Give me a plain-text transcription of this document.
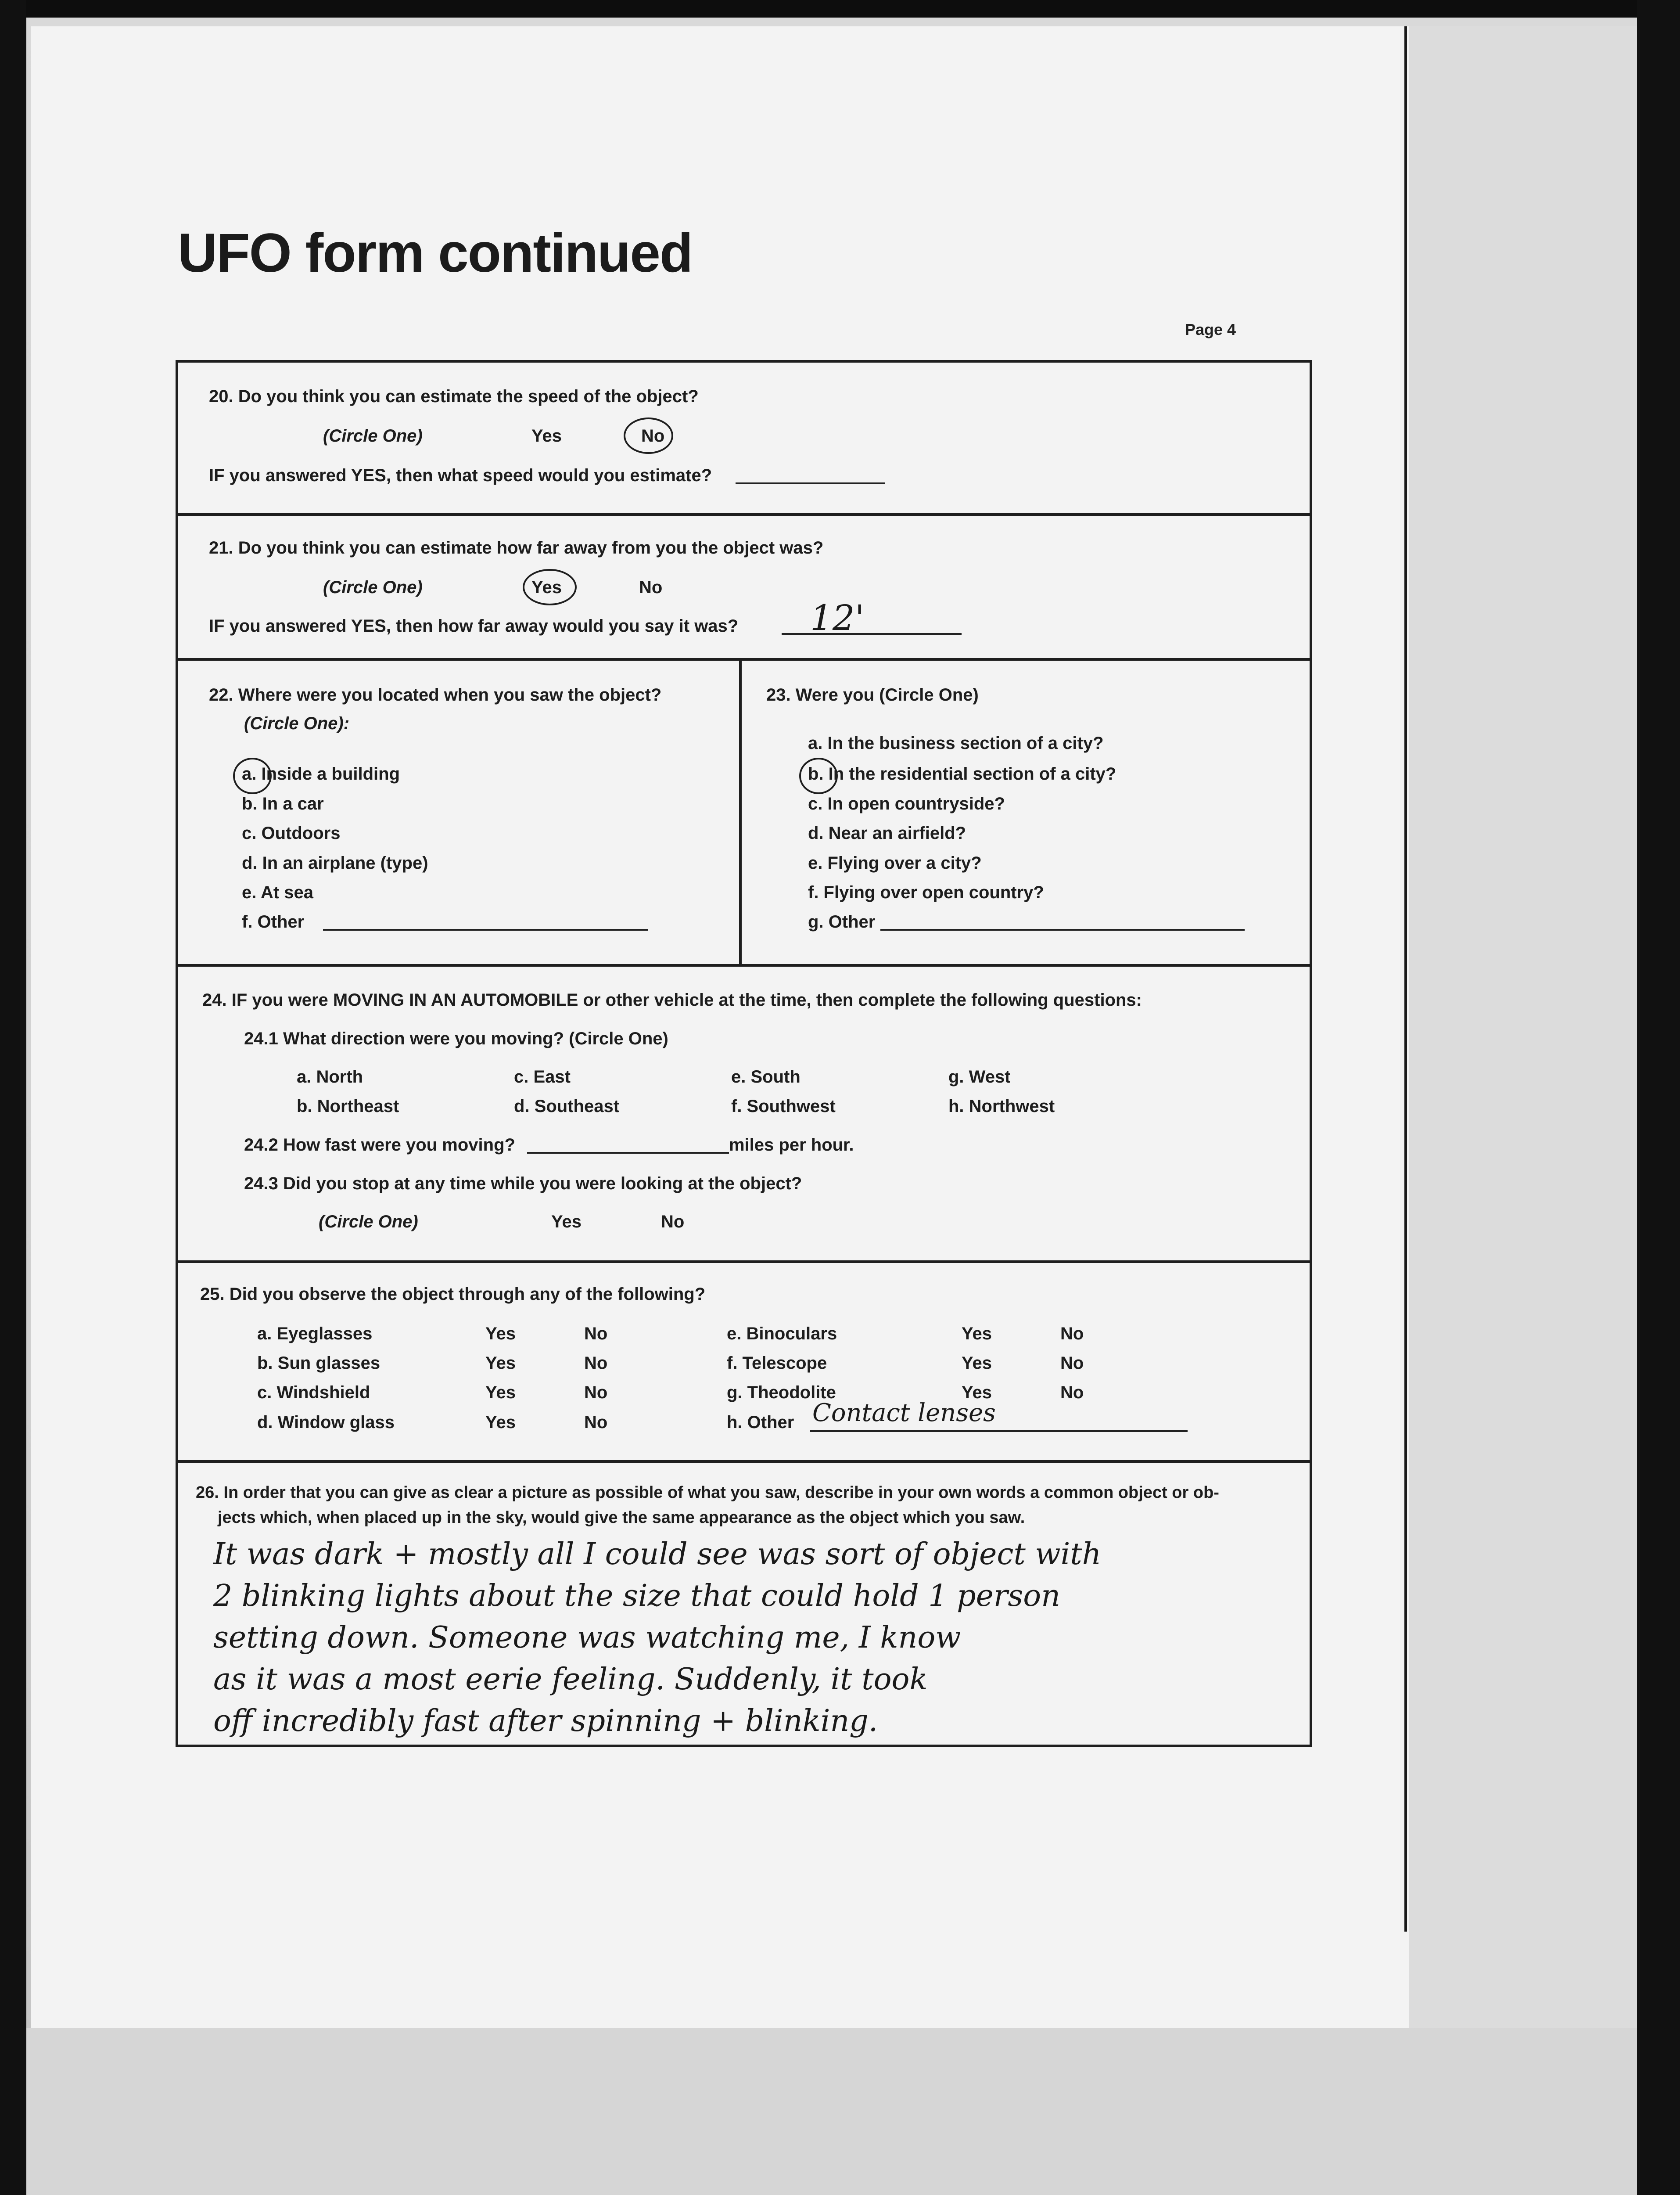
UFO form continued
Page 4
20. Do you think you can estimate the speed of the object?
(Circle One)	Yes	No
IF you answered YES, then what speed would you estimate?
21. Do you think you can estimate how far away from you the object was?
(Circle One)	Yes	No
IF you answered YES, then how far away would you say it was? 12'
22. Where were you located when you saw the object?
(Circle One):
a. Inside a building
b. In a car
c. Outdoors
d. In an airplane (type)
e. At sea
f. Other
23. Were you (Circle One)
a. In the business section of a city?
b. In the residential section of a city?
c. In open countryside?
d. Near an airfield?
e. Flying over a city?
f. Flying over open country?
g. Other
24. IF you were MOVING IN AN AUTOMOBILE or other vehicle at the time, then complete the following questions:
24.1 What direction were you moving? (Circle One)
a. North	c. East	e. South	g. West
b. Northeast	d. Southeast	f. Southwest	h. Northwest
24.2 How fast were you moving?	miles per hour.
24.3 Did you stop at any time while you were looking at the object?
(Circle One)	Yes	No
25. Did you observe the object through any of the following?
a. Eyeglasses	Yes	No
b. Sun glasses	Yes	No
c. Windshield	Yes	No
d. Window glass	Yes	No
e. Binoculars	Yes	No
f. Telescope	Yes	No
g. Theodolite	Yes	No
h. Other Contact lenses
26. In order that you can give as clear a picture as possible of what you saw, describe in your own words a common object or ob-
jects which, when placed up in the sky, would give the same appearance as the object which you saw.
It was dark + mostly all I could see was sort of object with
2 blinking lights about the size that could hold 1 person
setting down. Someone was watching me, I know
as it was a most eerie feeling. Suddenly, it took
off incredibly fast after spinning + blinking.
